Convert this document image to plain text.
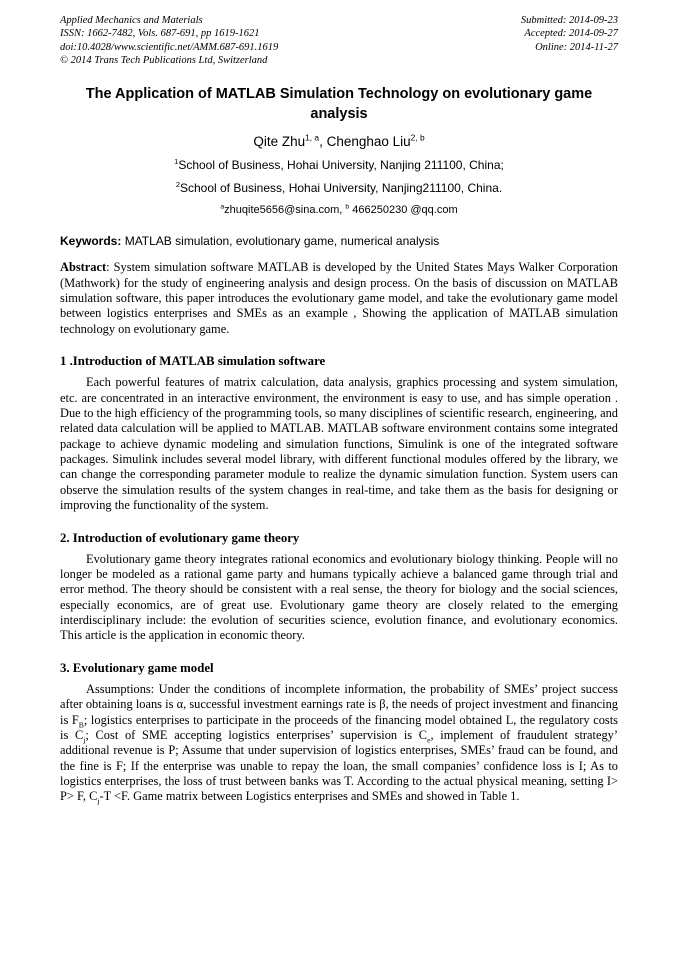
Applied Mechanics and Materials
ISSN: 1662-7482, Vols. 687-691, pp 1619-1621
doi:10.4028/www.scientific.net/AMM.687-691.1619
© 2014 Trans Tech Publications Ltd, Switzerland
Submitted: 2014-09-23
Accepted: 2014-09-27
Online: 2014-11-27
The Application of MATLAB Simulation Technology on evolutionary game analysis
Qite Zhu$^{1, a}$, Chenghao Liu$^{2, b}$
$^1$School of Business, Hohai University, Nanjing 211100, China;
$^2$School of Business, Hohai University, Nanjing211100, China.
$^a$zhuqite5656@sina.com, $^b$ 466250230 @qq.com

Keywords: MATLAB simulation, evolutionary game, numerical analysis

Abstract: System simulation software MATLAB is developed by the United States Mays Walker Corporation (Mathwork) for the study of engineering analysis and design process. On the basis of discussion on MATLAB simulation software, this paper introduces the evolutionary game model, and take the evolutionary game model between logistics enterprises and SMEs as an example , Showing the application of MATLAB simulation technology on evolutionary game.

1 .Introduction of MATLAB simulation software

Each powerful features of matrix calculation, data analysis, graphics processing and system simulation, etc. are concentrated in an interactive environment, the environment is easy to use, and has simple operation . Due to the high efficiency of the programming tools, so many disciplines of scientific research, engineering, and related data calculation will be applied to MATLAB. MATLAB software environment contains some integrated package to achieve dynamic modeling and simulation functions, Simulink is one of the integrated software packages. Simulink includes several model library, with different functional modules offered by the library, we can change the corresponding parameter module to realize the dynamic simulation function. System users can observe the simulation results of the system changes in real-time, and take them as the basis for designing or improving the functionality of the system.

2. Introduction of evolutionary game theory

Evolutionary game theory integrates rational economics and evolutionary biology thinking. People will no longer be modeled as a rational game party and humans typically achieve a balanced game through trial and error method. The theory should be consistent with a real sense, the theory for biology and the social sciences, especially economics, are of great use. Evolutionary game theory are closely related to the emerging interdisciplinary include: the evolution of securities science, evolution finance, and evolutionary economics. This article is the application in economic theory.

3. Evolutionary game model

Assumptions: Under the conditions of incomplete information, the probability of SMEs’ project success after obtaining loans is α, successful investment earnings rate is β, the needs of project investment and financing is $F_B$; logistics enterprises to participate in the proceeds of the financing model obtained L, the regulatory costs is $C_j$; Cost of SME accepting logistics enterprises’ supervision is $C_e$, implement of fraudulent strategy’ additional revenue is P; Assume that under supervision of logistics enterprises, SMEs’ fraud can be found, and the fine is F; If the enterprise was unable to repay the loan, the small companies’ confidence loss is I; As to logistics enterprises, the loss of trust between banks was T. According to the actual physical meaning, setting I> P> F, $C_j-T <F$. Game matrix between Logistics enterprises and SMEs and showed in Table 1.
